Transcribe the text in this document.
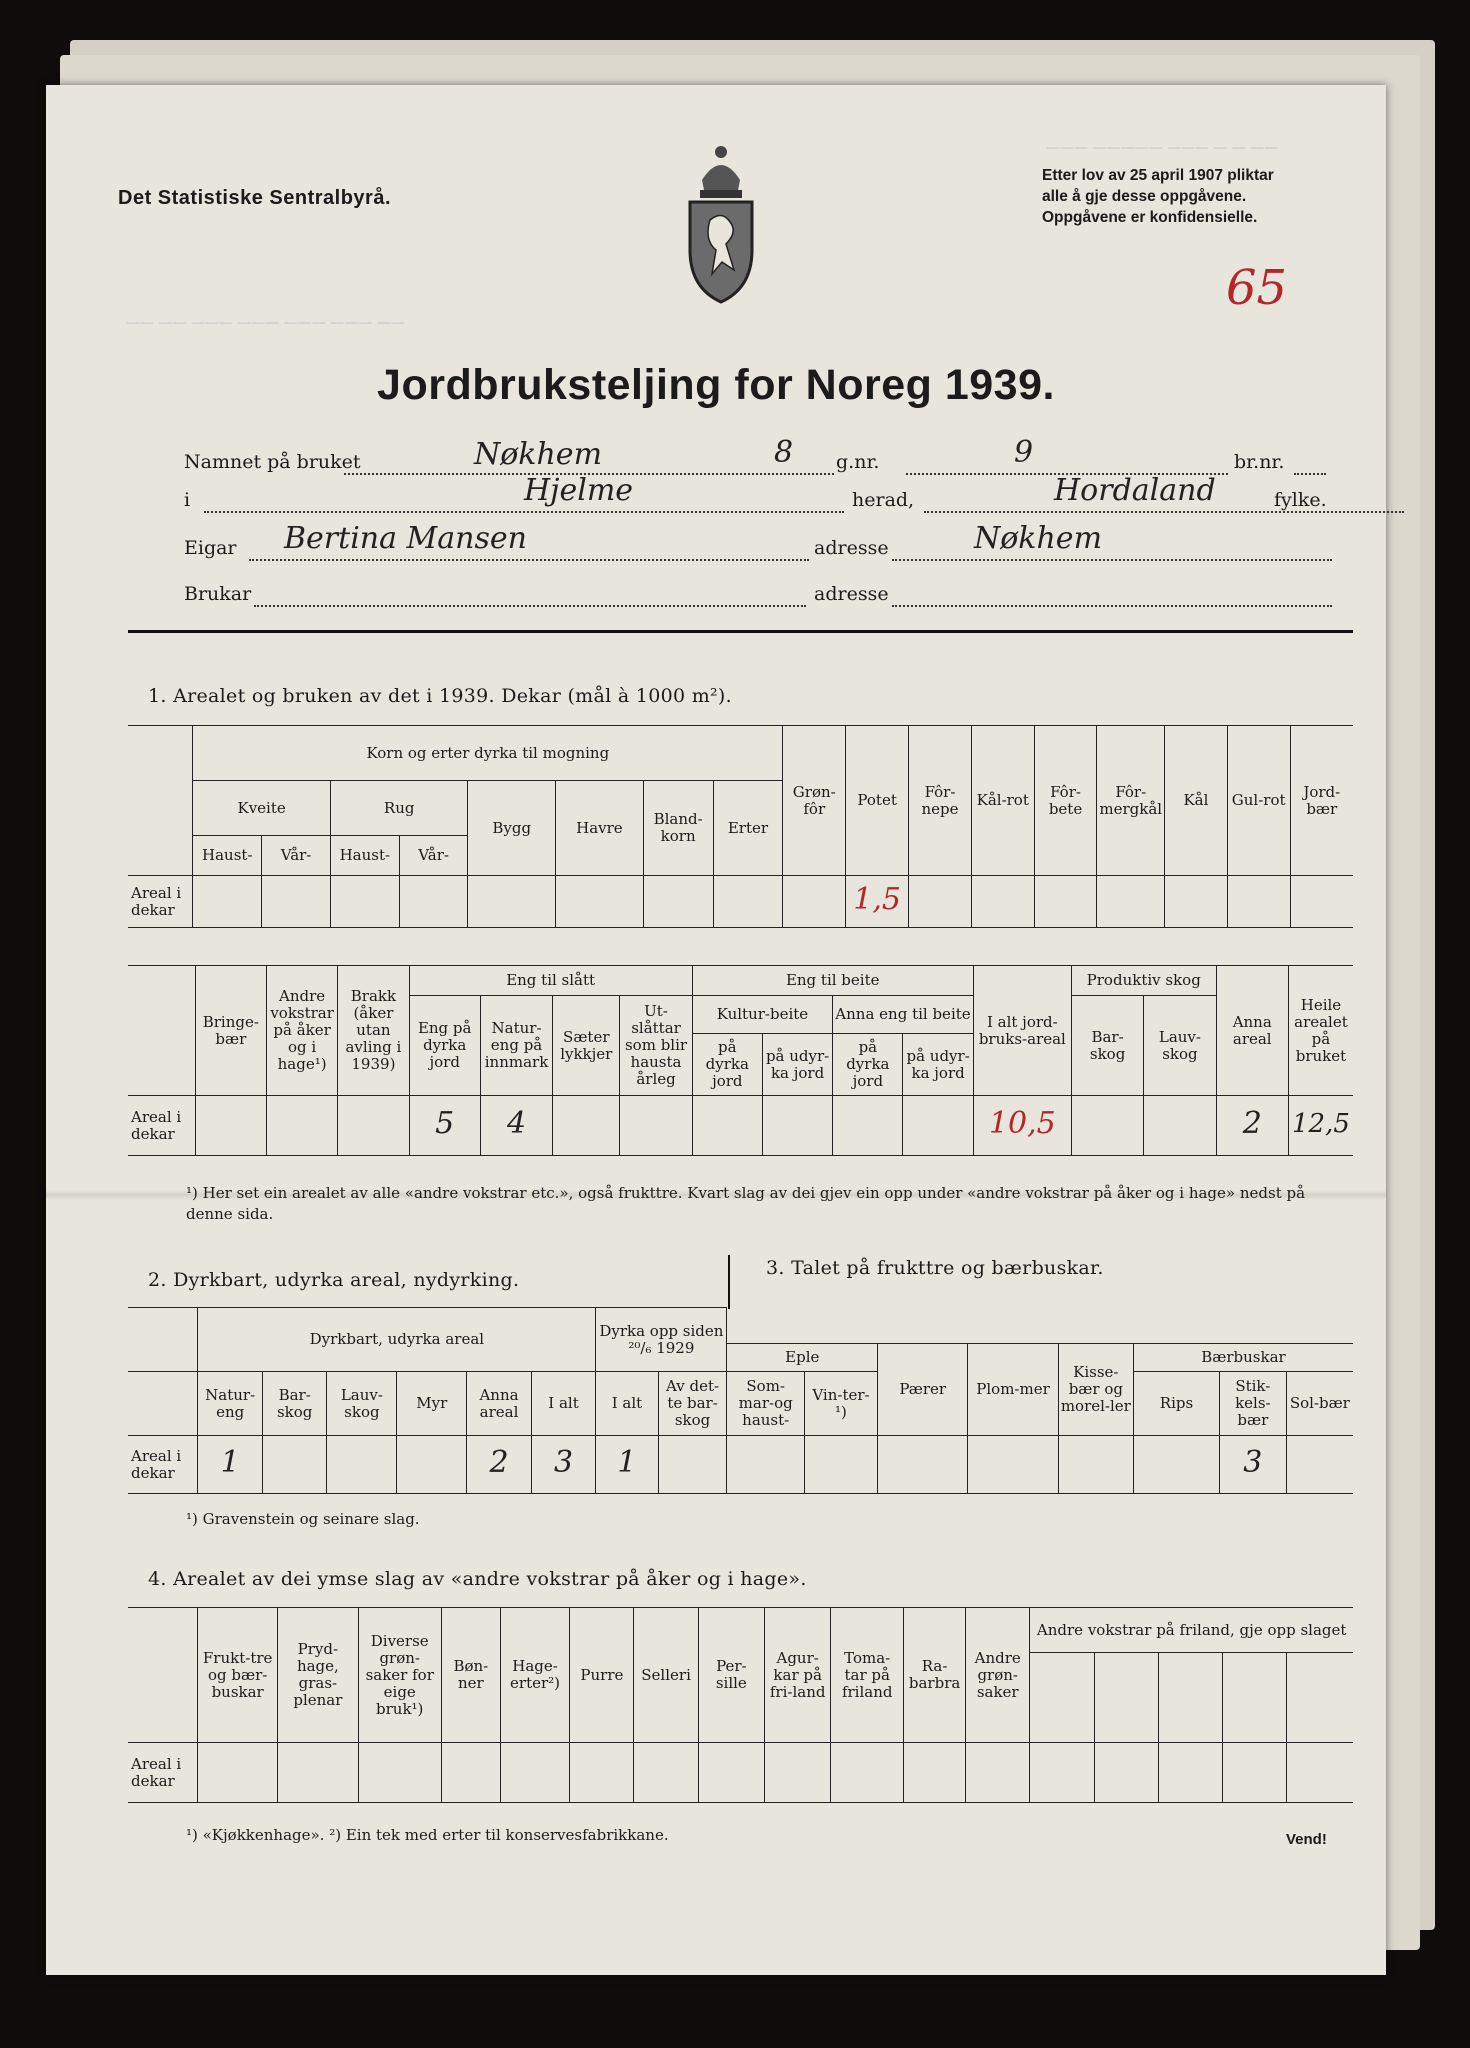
——— ————— ——— — — ——
—— —— ——— ——— ——— ——— ——
Det Statistiske Sentralbyrå.
Etter lov av 25 april 1907 pliktar
alle å gje desse oppgåvene.
Oppgåvene er konfidensielle.
65
Jordbruksteljing for Noreg 1939.
Namnet på bruket	Nøkhem	8 g.nr.	9	br.nr.
i	Hjelme	herad,	Hordaland	fylke.
Eigar Bertina Mansen	adresse	Nøkhem
Brukar	adresse
1. Arealet og bruken av det i 1939. Dekar (mål à 1000 m²).
	Korn og erter dyrka til mogning								Grøn-fôr	Potet	Fôr-nepe	Kål-rot	Fôr-bete	Fôr-mergkål	Kål	Gul-rot	Jord-bær
	Kveite		Rug		Bygg	Havre	Bland-korn	Erter									
	Haust-	Vår-	Haust-	Vår-													
Areal i dekar										1,5							
	Bringe-bær	Andre vokstrar på åker og i hage¹)	Brakk (åker utan avling i 1939)	Eng til slått				Eng til beite				I alt jord-bruks-areal	Produktiv skog		Anna areal	Heile arealet på bruket
				Eng på dyrka jord	Natur-eng på innmark	Sæter lykkjer	Ut-slåttar som blir hausta årleg	Kultur-beite		Anna eng til beite			Bar-skog	Lauv-skog		
								på dyrka jord	på udyr-ka jord	på dyrka jord	på udyr-ka jord					
Areal i dekar				5	4							10,5			2	12,5
¹) Her set ein arealet av alle «andre vokstrar etc.», også frukttre. Kvart slag av dei gjev ein opp under «andre vokstrar på åker og i hage» nedst på denne sida.
2. Dyrkbart, udyrka areal, nydyrking.
3. Talet på frukttre og bærbuskar.
	Dyrkbart, udyrka areal						Dyrka opp siden ²⁰/₆ 1929									
									Eple		Pærer	Plom-mer	Kisse-bær og morel-ler	Bærbuskar		
	Natur-eng	Bar-skog	Lauv-skog	Myr	Anna areal	I alt	I alt	Av det-te bar-skog	Som-mar-og haust-	Vin-ter-¹)				Rips	Stik-kels-bær	Sol-bær
Areal i dekar	1				2	3	1								3	
¹) Gravenstein og seinare slag.
4. Arealet av dei ymse slag av «andre vokstrar på åker og i hage».
	Frukt-tre og bær-buskar	Pryd-hage, gras-plenar	Diverse grøn-saker for eige bruk¹)	Bøn-ner	Hage-erter²)	Purre	Selleri	Per-sille	Agur-kar på fri-land	Toma-tar på friland	Ra-barbra	Andre grøn-saker	Andre vokstrar på friland, gje opp slaget				

Areal i dekar																	
¹) «Kjøkkenhage». ²) Ein tek med erter til konservesfabrikkane.	Vend!
